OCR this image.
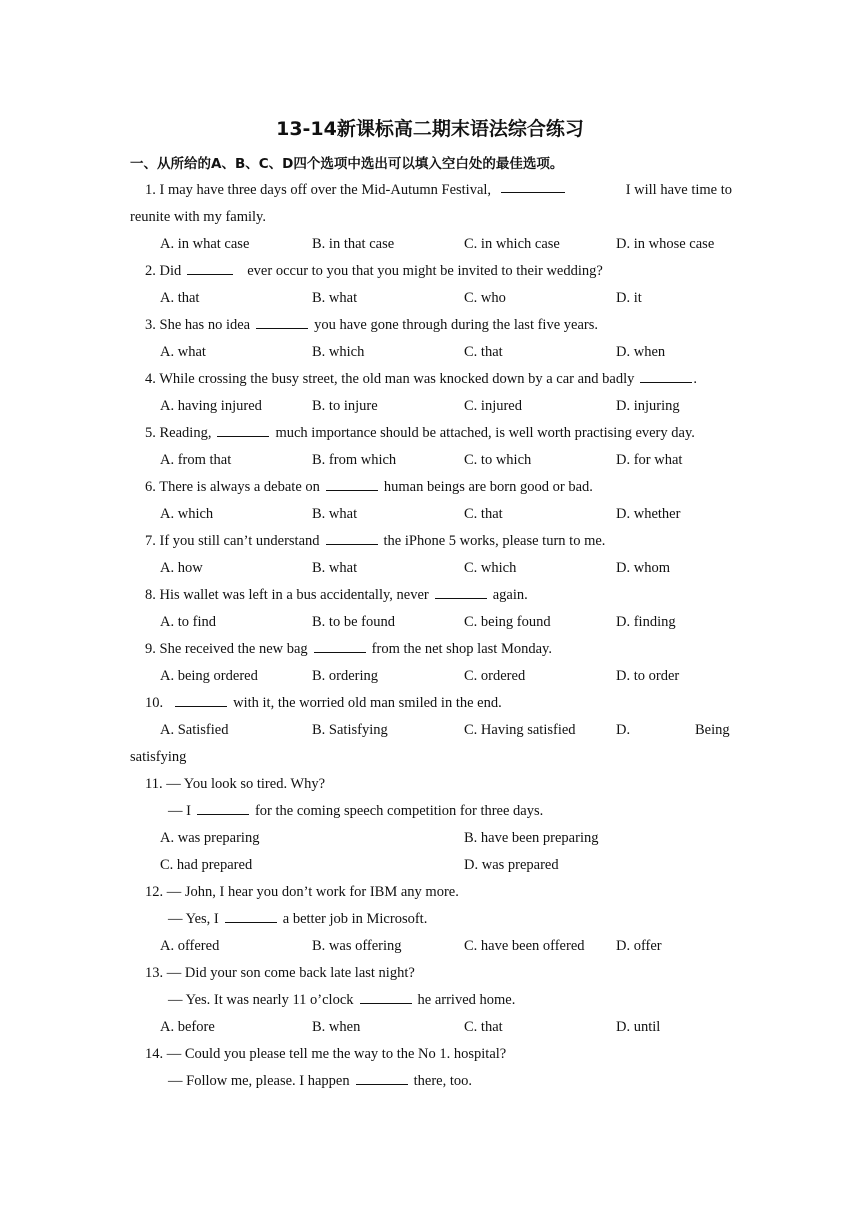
13-14新课标高二期末语法综合练习
一、从所给的A、B、C、D四个选项中选出可以填入空白处的最佳选项。
1. I may have three days off over the Mid-Autumn Festival,	I will have time to
reunite with my family.
A. in what case	B. in that case	C. in which case	D. in whose case
2. Did	ever occur to you that you might be invited to their wedding?
A. that	B. what	C. who	D. it
3. She has no idea	you have gone through during the last five years.
A. what	B. which	C. that	D. when
4. While crossing the busy street, the old man was knocked down by a car and badly	.
A. having injured	B. to injure	C. injured	D. injuring
5. Reading,	much importance should be attached, is well worth practising every day.
A. from that	B. from which	C. to which	D. for what
6. There is always a debate on	human beings are born good or bad.
A. which	B. what	C. that	D. whether
7. If you still can’t understand	the iPhone 5 works, please turn to me.
A. how	B. what	C. which	D. whom
8. His wallet was left in a bus accidentally, never	again.
A. to find	B. to be found	C. being found	D. finding
9. She received the new bag	from the net shop last Monday.
A. being ordered	B. ordering	C. ordered	D. to order
10.	with it, the worried old man smiled in the end.
A. Satisfied	B. Satisfying	C. Having satisfied	D.	Being
satisfying
11. — You look so tired. Why?
— I	for the coming speech competition for three days.
A. was preparing	B. have been preparing
C. had prepared	D. was prepared
12. — John, I hear you don’t work for IBM any more.
— Yes, I	a better job in Microsoft.
A. offered	B. was offering	C. have been offered D. offer
13. — Did your son come back late last night?
— Yes. It was nearly 11 o’clock	he arrived home.
A. before	B. when	C. that	D. until
14. — Could you please tell me the way to the No 1. hospital?
— Follow me, please. I happen	there, too.
